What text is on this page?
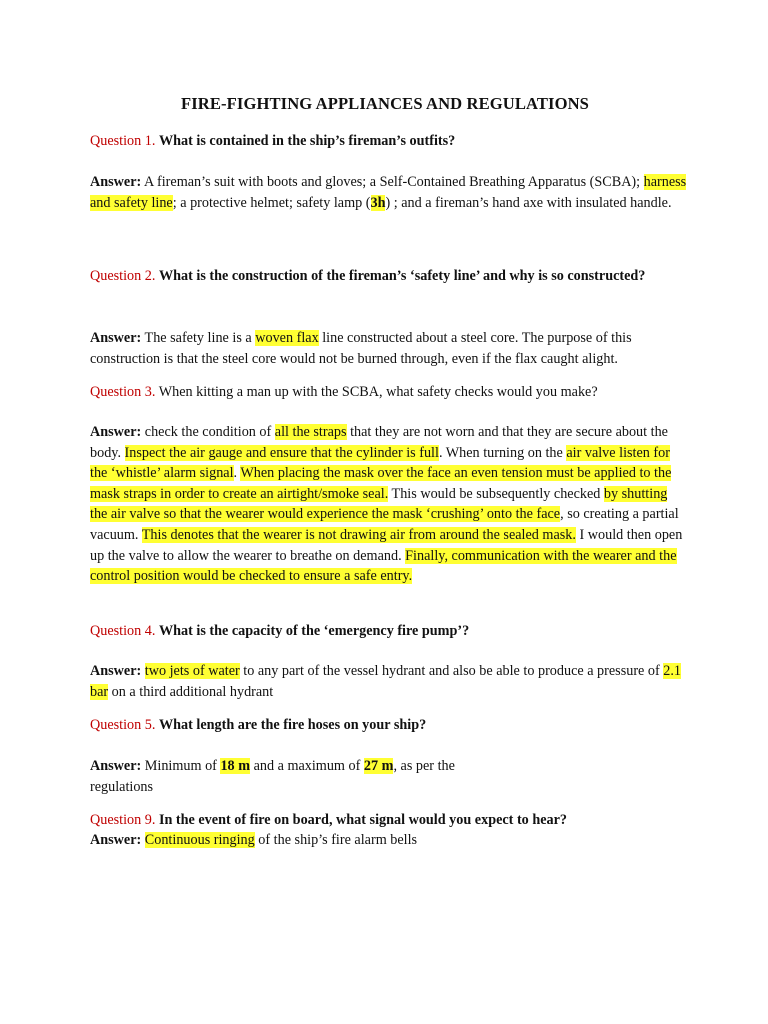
FIRE-FIGHTING APPLIANCES AND REGULATIONS
Question 1. What is contained in the ship’s fireman’s outfits?
Answer: A fireman’s suit with boots and gloves; a Self-Contained Breathing Apparatus (SCBA); harness and safety line; a protective helmet; safety lamp (3h) ; and a fireman’s hand axe with insulated handle.
Question 2. What is the construction of the fireman’s ‘safety line’ and why is so constructed?
Answer: The safety line is a woven flax line constructed about a steel core. The purpose of this construction is that the steel core would not be burned through, even if the flax caught alight.
Question 3. When kitting a man up with the SCBA, what safety checks would you make?
Answer: check the condition of all the straps that they are not worn and that they are secure about the body. Inspect the air gauge and ensure that the cylinder is full. When turning on the air valve listen for the ‘whistle’ alarm signal. When placing the mask over the face an even tension must be applied to the mask straps in order to create an airtight/smoke seal. This would be subsequently checked by shutting the air valve so that the wearer would experience the mask ‘crushing’ onto the face, so creating a partial vacuum. This denotes that the wearer is not drawing air from around the sealed mask. I would then open up the valve to allow the wearer to breathe on demand. Finally, communication with the wearer and the control position would be checked to ensure a safe entry.
Question 4. What is the capacity of the ‘emergency fire pump’?
Answer: two jets of water to any part of the vessel hydrant and also be able to produce a pressure of 2.1 bar on a third additional hydrant
Question 5. What length are the fire hoses on your ship?
Answer: Minimum of 18 m and a maximum of 27 m, as per the
regulations
Question 9. In the event of fire on board, what signal would you expect to hear?
Answer: Continuous ringing of the ship’s fire alarm bells
